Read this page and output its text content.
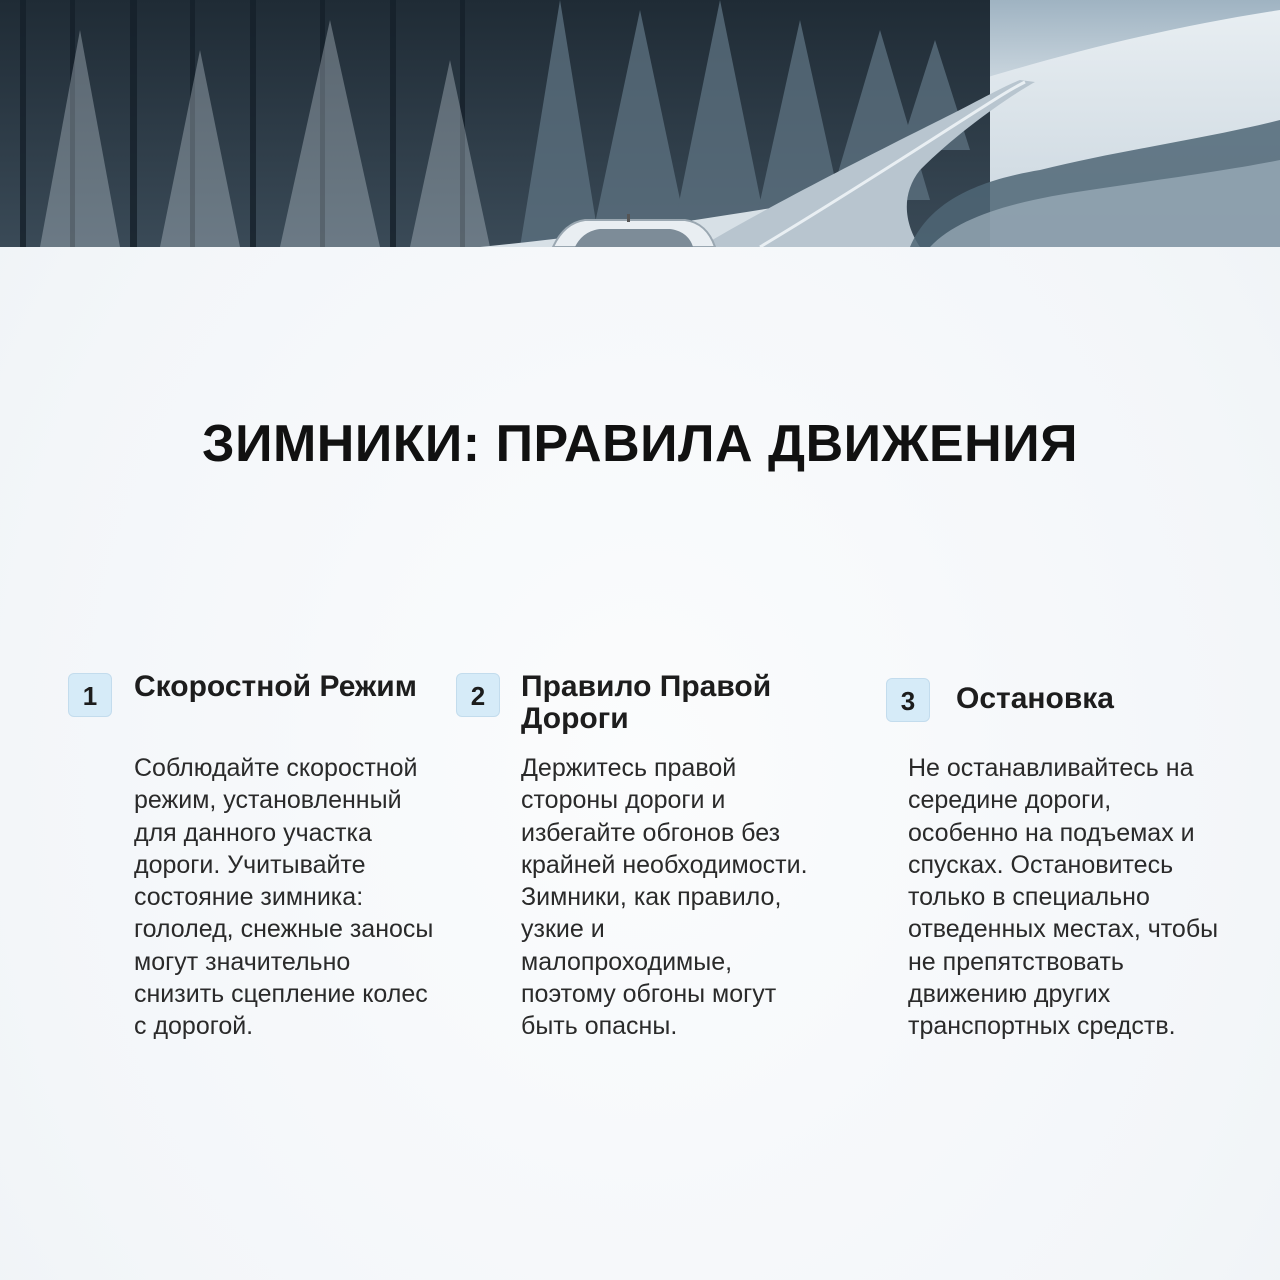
ЗИМНИКИ: ПРАВИЛА ДВИЖЕНИЯ
1	Скоростной Режим

Соблюдайте скоростной режим, установленный для данного участка дороги. Учитывайте состояние зимника: гололед, снежные заносы могут значительно снизить сцепление колес с дорогой.

2	Правило Правой Дороги

Держитесь правой стороны дороги и избегайте обгонов без крайней необходимости. Зимники, как правило, узкие и малопроходимые, поэтому обгоны могут быть опасны.

3	Остановка

Не останавливайтесь на середине дороги, особенно на подъемах и спусках. Остановитесь только в специально отведенных местах, чтобы не препятствовать движению других транспортных средств.
